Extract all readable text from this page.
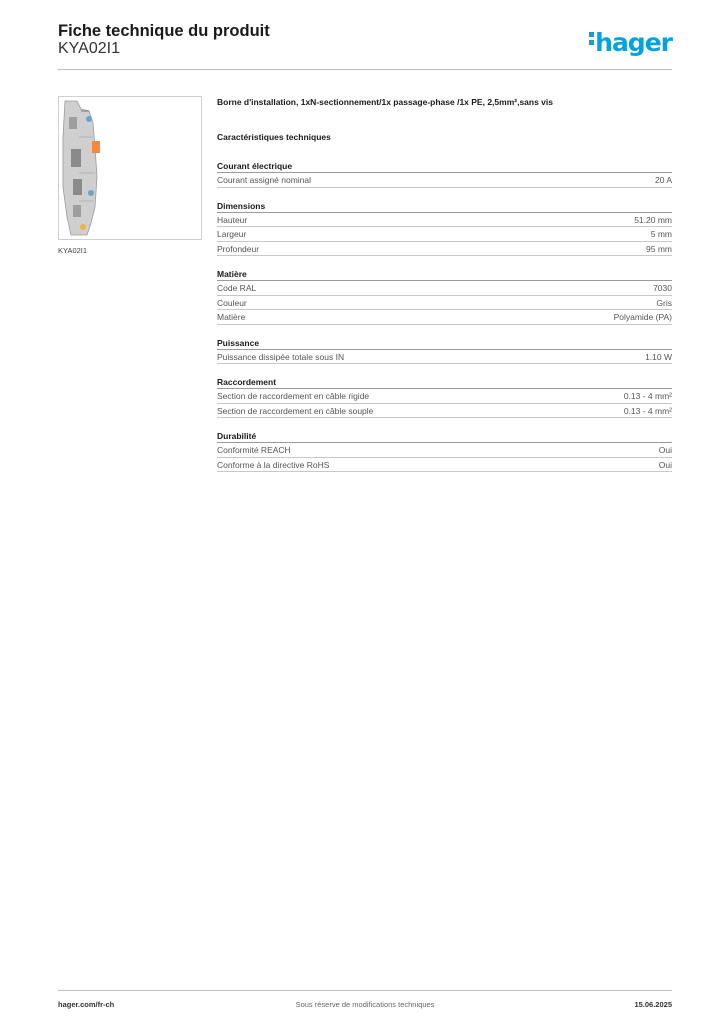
Fiche technique du produit
KYA02I1	hager
KYA02I1
Borne d'installation, 1xN-sectionnement/1x passage-phase /1x PE, 2,5mm²,sans vis
Caractéristiques techniques
Courant électrique
Courant assigné nominal	20 A
Dimensions
Hauteur	51.20 mm
Largeur	5 mm
Profondeur	95 mm
Matière
Code RAL	7030
Couleur	Gris
Matière	Polyamide (PA)
Puissance
Puissance dissipée totale sous IN	1.10 W
Raccordement
Section de raccordement en câble rigide	0.13 - 4 mm²
Section de raccordement en câble souple	0.13 - 4 mm²
Durabilité
Conformité REACH	Oui
Conforme à la directive RoHS	Oui
hager.com/fr-ch	Sous réserve de modifications techniques	15.06.2025
